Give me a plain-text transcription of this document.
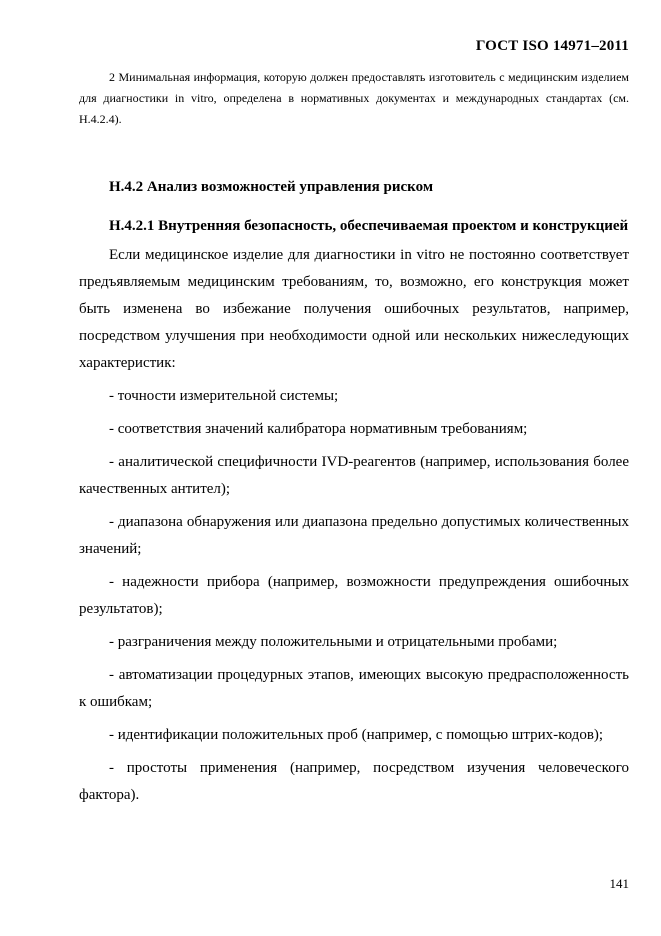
ГОСТ ISO 14971–2011

2 Минимальная информация, которую должен предоставлять изготовитель с медицинским изделием для диагностики in vitro, определена в нормативных документах и международных стандартах (см. H.4.2.4).

H.4.2 Анализ возможностей управления риском

H.4.2.1 Внутренняя безопасность, обеспечиваемая проектом и конструкцией

Если медицинское изделие для диагностики in vitro не постоянно соответствует предъявляемым медицинским требованиям, то, возможно, его конструкция может быть изменена во избежание получения ошибочных результатов, например, посредством улучшения при необходимости одной или нескольких нижеследующих характеристик:

- точности измерительной системы;

- соответствия значений калибратора нормативным требованиям;

- аналитической специфичности IVD-реагентов (например, использования более качественных антител);

- диапазона обнаружения или диапазона предельно допустимых количественных значений;

- надежности прибора (например, возможности предупреждения ошибочных результатов);

- разграничения между положительными и отрицательными пробами;

- автоматизации процедурных этапов, имеющих высокую предрасположенность к ошибкам;

- идентификации положительных проб (например, с помощью штрих-кодов);

- простоты применения (например, посредством изучения человеческого фактора).

141
